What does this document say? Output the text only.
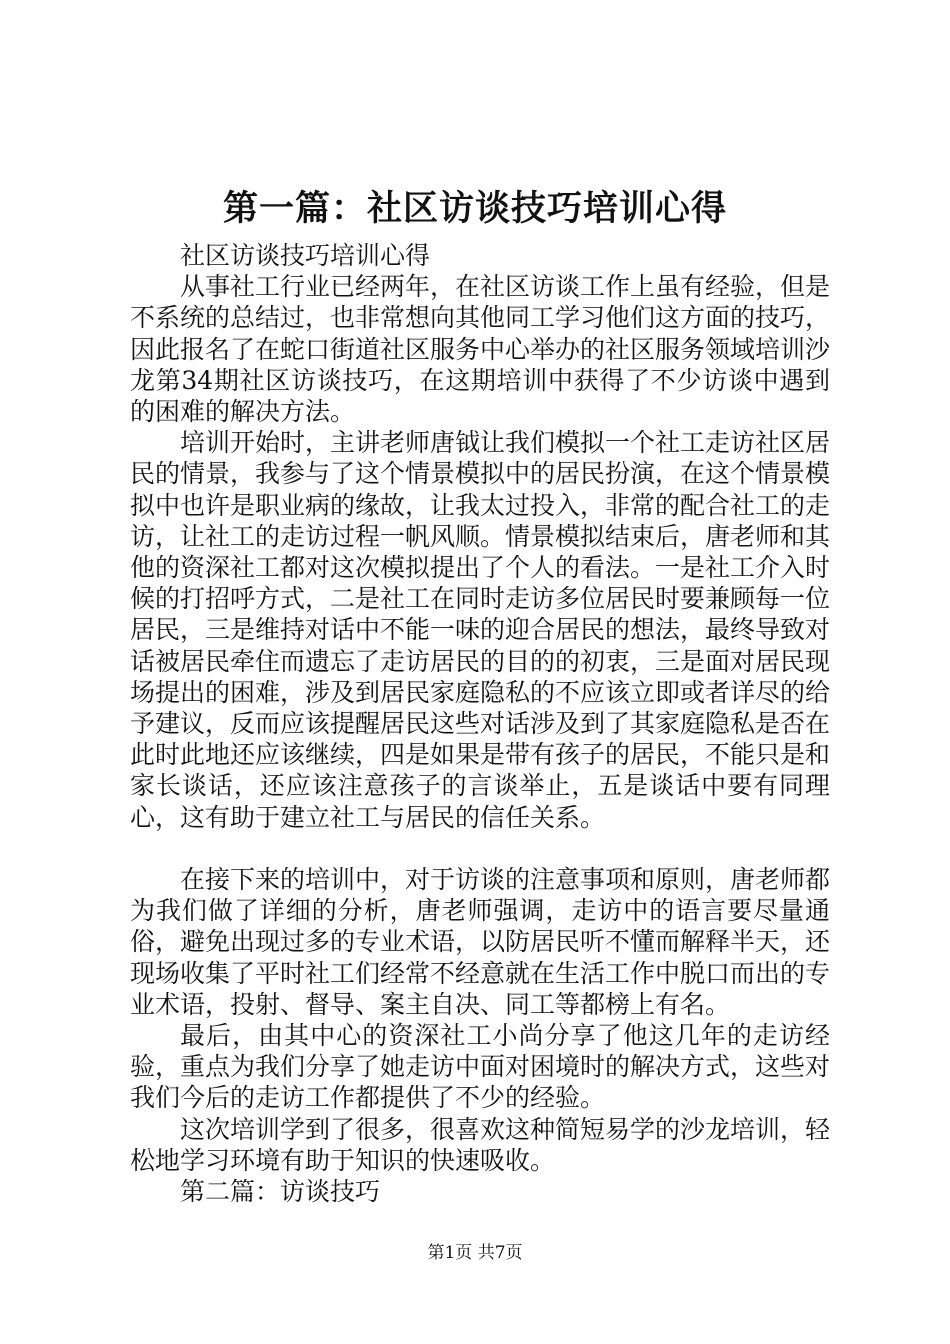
第一篇：社区访谈技巧培训心得

社区访谈技巧培训心得

从事社工行业已经两年，在社区访谈工作上虽有经验，但是不系统的总结过，也非常想向其他同工学习他们这方面的技巧，因此报名了在蛇口街道社区服务中心举办的社区服务领域培训沙龙第34期社区访谈技巧，在这期培训中获得了不少访谈中遇到的困难的解决方法。

培训开始时，主讲老师唐钺让我们模拟一个社工走访社区居民的情景，我参与了这个情景模拟中的居民扮演，在这个情景模拟中也许是职业病的缘故，让我太过投入，非常的配合社工的走访，让社工的走访过程一帆风顺。情景模拟结束后，唐老师和其他的资深社工都对这次模拟提出了个人的看法。一是社工介入时候的打招呼方式，二是社工在同时走访多位居民时要兼顾每一位居民，三是维持对话中不能一味的迎合居民的想法，最终导致对话被居民牵住而遗忘了走访居民的目的的初衷，三是面对居民现场提出的困难，涉及到居民家庭隐私的不应该立即或者详尽的给予建议，反而应该提醒居民这些对话涉及到了其家庭隐私是否在此时此地还应该继续，四是如果是带有孩子的居民，不能只是和家长谈话，还应该注意孩子的言谈举止，五是谈话中要有同理心，这有助于建立社工与居民的信任关系。

在接下来的培训中，对于访谈的注意事项和原则，唐老师都为我们做了详细的分析，唐老师强调，走访中的语言要尽量通俗，避免出现过多的专业术语，以防居民听不懂而解释半天，还现场收集了平时社工们经常不经意就在生活工作中脱口而出的专业术语，投射、督导、案主自决、同工等都榜上有名。

最后，由其中心的资深社工小尚分享了他这几年的走访经验，重点为我们分享了她走访中面对困境时的解决方式，这些对我们今后的走访工作都提供了不少的经验。

这次培训学到了很多，很喜欢这种简短易学的沙龙培训，轻松地学习环境有助于知识的快速吸收。

第二篇：访谈技巧

第1页 共7页
